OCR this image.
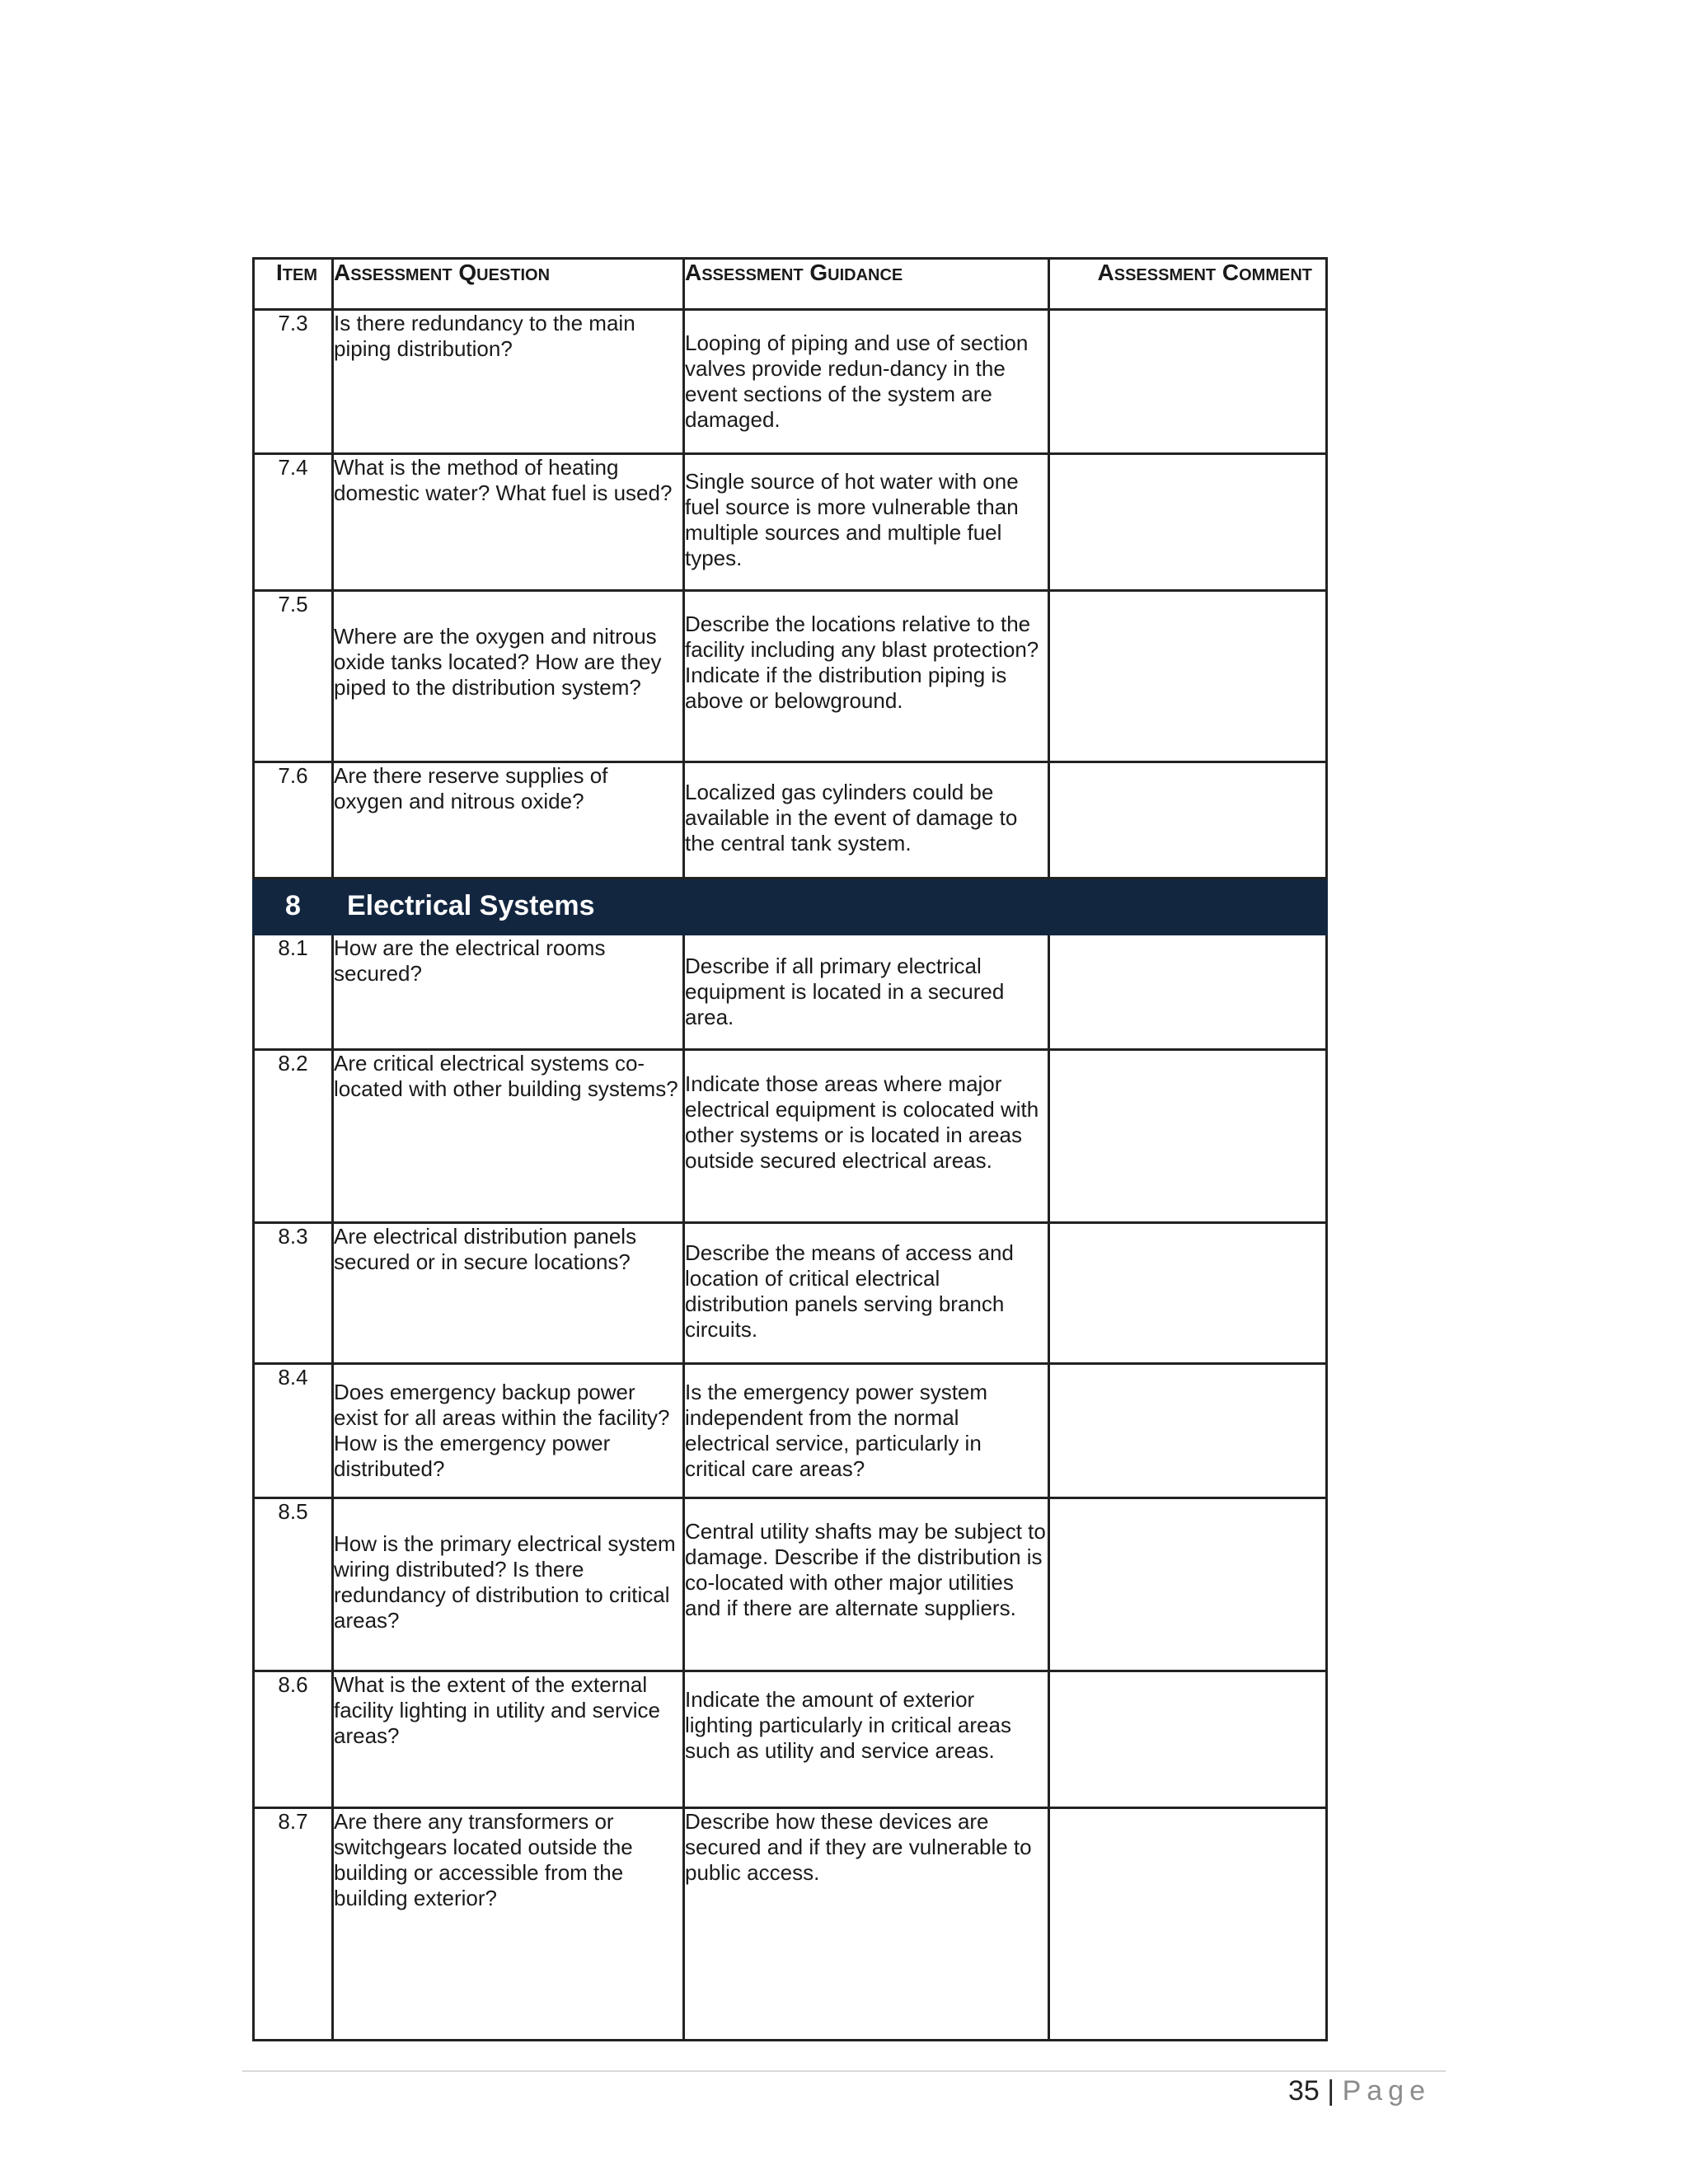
Item	Assessment Question	Assessment Guidance	Assessment Comment
7.3	Is there redundancy to the main piping distribution?	Looping of piping and use of section valves provide redun-dancy in the event sections of the system are damaged.	
7.4	What is the method of heating domestic water? What fuel is used?	Single source of hot water with one fuel source is more vulnerable than multiple sources and multiple fuel types.	
7.5	Where are the oxygen and nitrous oxide tanks located? How are they piped to the distribution system?	Describe the locations relative to the facility including any blast protection? Indicate if the distribution piping is above or belowground.	
7.6	Are there reserve supplies of oxygen and nitrous oxide?	Localized gas cylinders could be available in the event of damage to the central tank system.	
8	Electrical Systems		
8.1	How are the electrical rooms secured?	Describe if all primary electrical equipment is located in a secured area.	
8.2	Are critical electrical systems co-located with other building systems?	Indicate those areas where major electrical equipment is colocated with other systems or is located in areas outside secured electrical areas.	
8.3	Are electrical distribution panels secured or in secure locations?	Describe the means of access and location of critical electrical distribution panels serving branch circuits.	
8.4	Does emergency backup power exist for all areas within the facility? How is the emergency power distributed?	Is the emergency power system independent from the normal electrical service, particularly in critical care areas?	
8.5	How is the primary electrical system wiring distributed? Is there redundancy of distribution to critical areas?	Central utility shafts may be subject to damage. Describe if the distribution is co-located with other major utilities and if there are alternate suppliers.	
8.6	What is the extent of the external facility lighting in utility and service areas?	Indicate the amount of exterior lighting particularly in critical areas such as utility and service areas.	
8.7	Are there any transformers or switchgears located outside the building or accessible from the building exterior?	Describe how these devices are secured and if they are vulnerable to public access.	
35 | Page
